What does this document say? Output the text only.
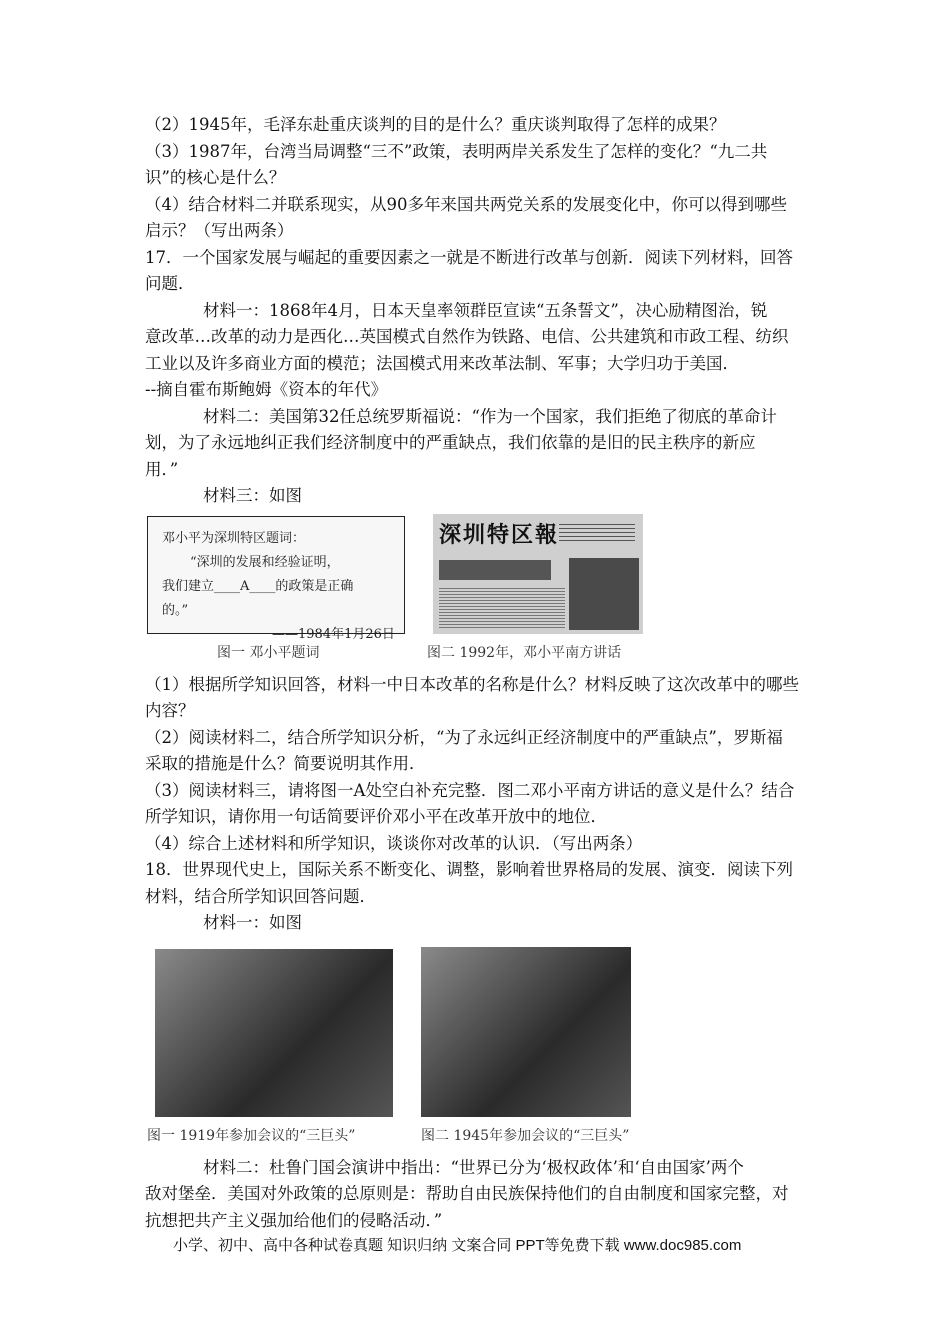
（2）1945年，毛泽东赴重庆谈判的目的是什么？重庆谈判取得了怎样的成果？
（3）1987年，台湾当局调整“三不”政策，表明两岸关系发生了怎样的变化？“九二共
识”的核心是什么？
（4）结合材料二并联系现实，从90多年来国共两党关系的发展变化中，你可以得到哪些
启示？（写出两条）
17．一个国家发展与崛起的重要因素之一就是不断进行改革与创新．阅读下列材料，回答
问题．
材料一：1868年4月，日本天皇率领群臣宣读“五条誓文”，决心励精图治，锐
意改革…改革的动力是西化…英国模式自然作为铁路、电信、公共建筑和市政工程、纺织
工业以及许多商业方面的模范；法国模式用来改革法制、军事；大学归功于美国．
--摘自霍布斯鲍姆《资本的年代》
材料二：美国第32任总统罗斯福说：“作为一个国家，我们拒绝了彻底的革命计
划，为了永远地纠正我们经济制度中的严重缺点，我们依靠的是旧的民主秩序的新应
用．”
材料三：如图

邓小平为深圳特区题词：

“深圳的发展和经验证明，

我们建立____A____的政策是正确

的。”

——1984年1月26日

图一 邓小平题词
深圳特区報
图二 1992年，邓小平南方讲话
（1）根据所学知识回答，材料一中日本改革的名称是什么？材料反映了这次改革中的哪些
内容？
（2）阅读材料二，结合所学知识分析，“为了永远纠正经济制度中的严重缺点”，罗斯福
采取的措施是什么？简要说明其作用．
（3）阅读材料三，请将图一A处空白补充完整．图二邓小平南方讲话的意义是什么？结合
所学知识，请你用一句话简要评价邓小平在改革开放中的地位．
（4）综合上述材料和所学知识，谈谈你对改革的认识．（写出两条）
18．世界现代史上，国际关系不断变化、调整，影响着世界格局的发展、演变．阅读下列
材料，结合所学知识回答问题．
材料一：如图
图一 1919年参加会议的“三巨头”	图二 1945年参加会议的“三巨头”
材料二：杜鲁门国会演讲中指出：“世界已分为‘极权政体’和‘自由国家’两个
敌对堡垒．美国对外政策的总原则是：帮助自由民族保持他们的自由制度和国家完整，对
抗想把共产主义强加给他们的侵略活动．”
小学、初中、高中各种试卷真题 知识归纳 文案合同 PPT等免费下载 www.doc985.com
